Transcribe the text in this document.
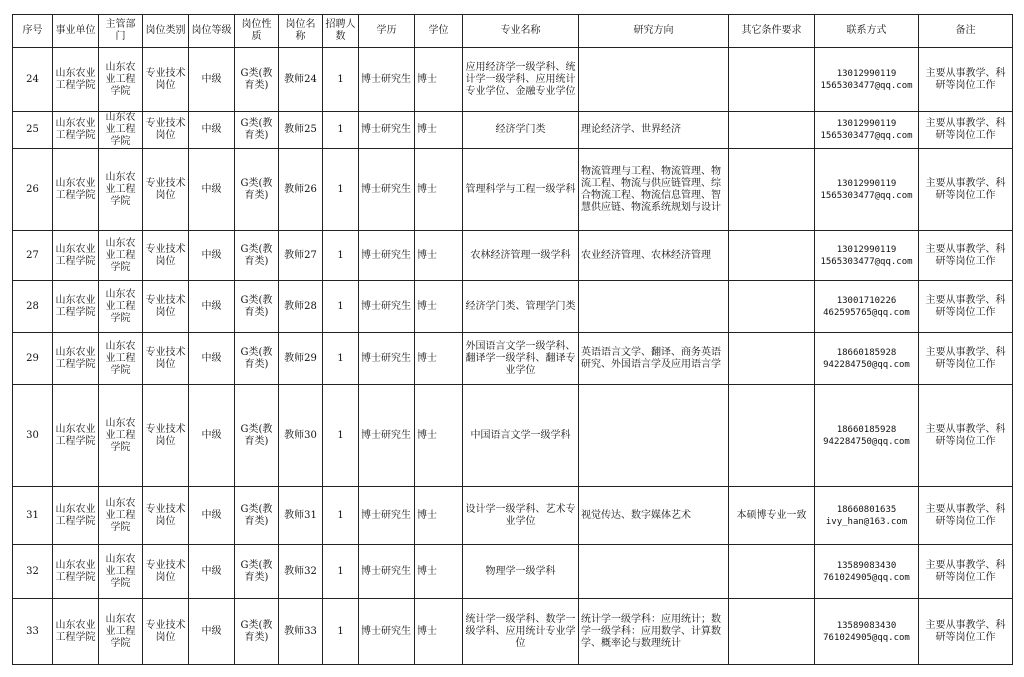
序号	事业单位	主管部门	岗位类别	岗位等级	岗位性质	岗位名称	招聘人数	学历	学位	专业名称	研究方向	其它条件要求	联系方式	备注
24	山东农业工程学院	山东农业工程学院	专业技术岗位	中级	G类(教育类)	教师24	1	博士研究生	博士	应用经济学一级学科、统计学一级学科、应用统计专业学位、金融专业学位			13012990119
1565303477@qq.com	主要从事教学、科研等岗位工作
25	山东农业工程学院	山东农业工程学院	专业技术岗位	中级	G类(教育类)	教师25	1	博士研究生	博士	经济学门类	理论经济学、世界经济		13012990119
1565303477@qq.com	主要从事教学、科研等岗位工作
26	山东农业工程学院	山东农业工程学院	专业技术岗位	中级	G类(教育类)	教师26	1	博士研究生	博士	管理科学与工程一级学科	物流管理与工程、物流管理、物流工程、物流与供应链管理、综合物流工程、物流信息管理、智慧供应链、物流系统规划与设计		13012990119
1565303477@qq.com	主要从事教学、科研等岗位工作
27	山东农业工程学院	山东农业工程学院	专业技术岗位	中级	G类(教育类)	教师27	1	博士研究生	博士	农林经济管理一级学科	农业经济管理、农林经济管理		13012990119
1565303477@qq.com	主要从事教学、科研等岗位工作
28	山东农业工程学院	山东农业工程学院	专业技术岗位	中级	G类(教育类)	教师28	1	博士研究生	博士	经济学门类、管理学门类			13001710226
462595765@qq.com	主要从事教学、科研等岗位工作
29	山东农业工程学院	山东农业工程学院	专业技术岗位	中级	G类(教育类)	教师29	1	博士研究生	博士	外国语言文学一级学科、翻译学一级学科、翻译专业学位	英语语言文学、翻译、商务英语研究、外国语言学及应用语言学		18660185928
942284750@qq.com	主要从事教学、科研等岗位工作
30	山东农业工程学院	山东农业工程学院	专业技术岗位	中级	G类(教育类)	教师30	1	博士研究生	博士	中国语言文学一级学科			18660185928
942284750@qq.com	主要从事教学、科研等岗位工作
31	山东农业工程学院	山东农业工程学院	专业技术岗位	中级	G类(教育类)	教师31	1	博士研究生	博士	设计学一级学科、艺术专业学位	视觉传达、数字媒体艺术	本硕博专业一致	18660801635
ivy_han@163.com	主要从事教学、科研等岗位工作
32	山东农业工程学院	山东农业工程学院	专业技术岗位	中级	G类(教育类)	教师32	1	博士研究生	博士	物理学一级学科			13589083430
761024905@qq.com	主要从事教学、科研等岗位工作
33	山东农业工程学院	山东农业工程学院	专业技术岗位	中级	G类(教育类)	教师33	1	博士研究生	博士	统计学一级学科、数学一级学科、应用统计专业学位	统计学一级学科：应用统计；数学一级学科：应用数学、计算数学、概率论与数理统计		13589083430
761024905@qq.com	主要从事教学、科研等岗位工作
